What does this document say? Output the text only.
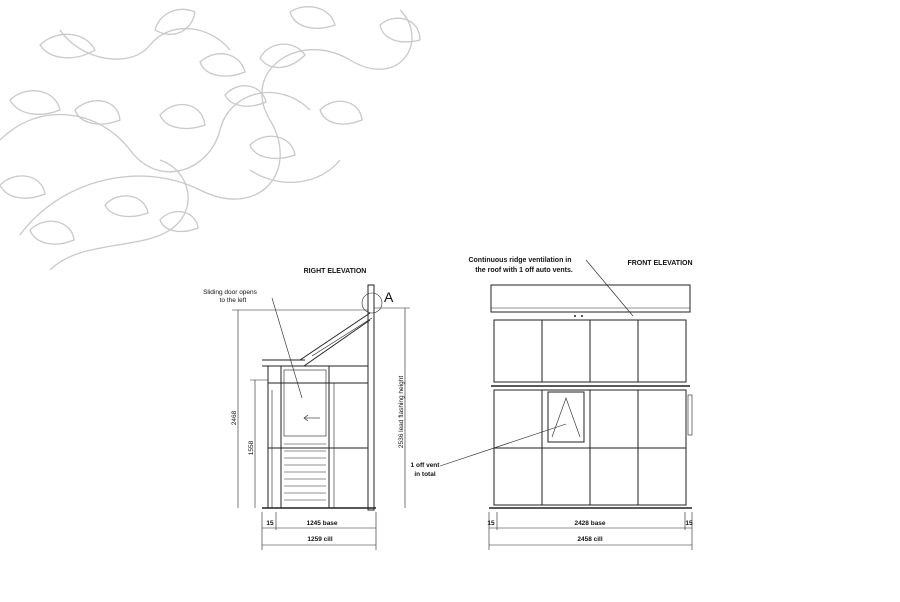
RIGHT ELEVATION
Sliding door opens
to the left	A
2468
1558	2536 lead flashing height
15	1245 base
1259 cill
FRONT ELEVATION
Continuous ridge ventilation in
the roof with 1 off auto vents.
1 off vent
in total
15	2428 base	15
2458 cill
